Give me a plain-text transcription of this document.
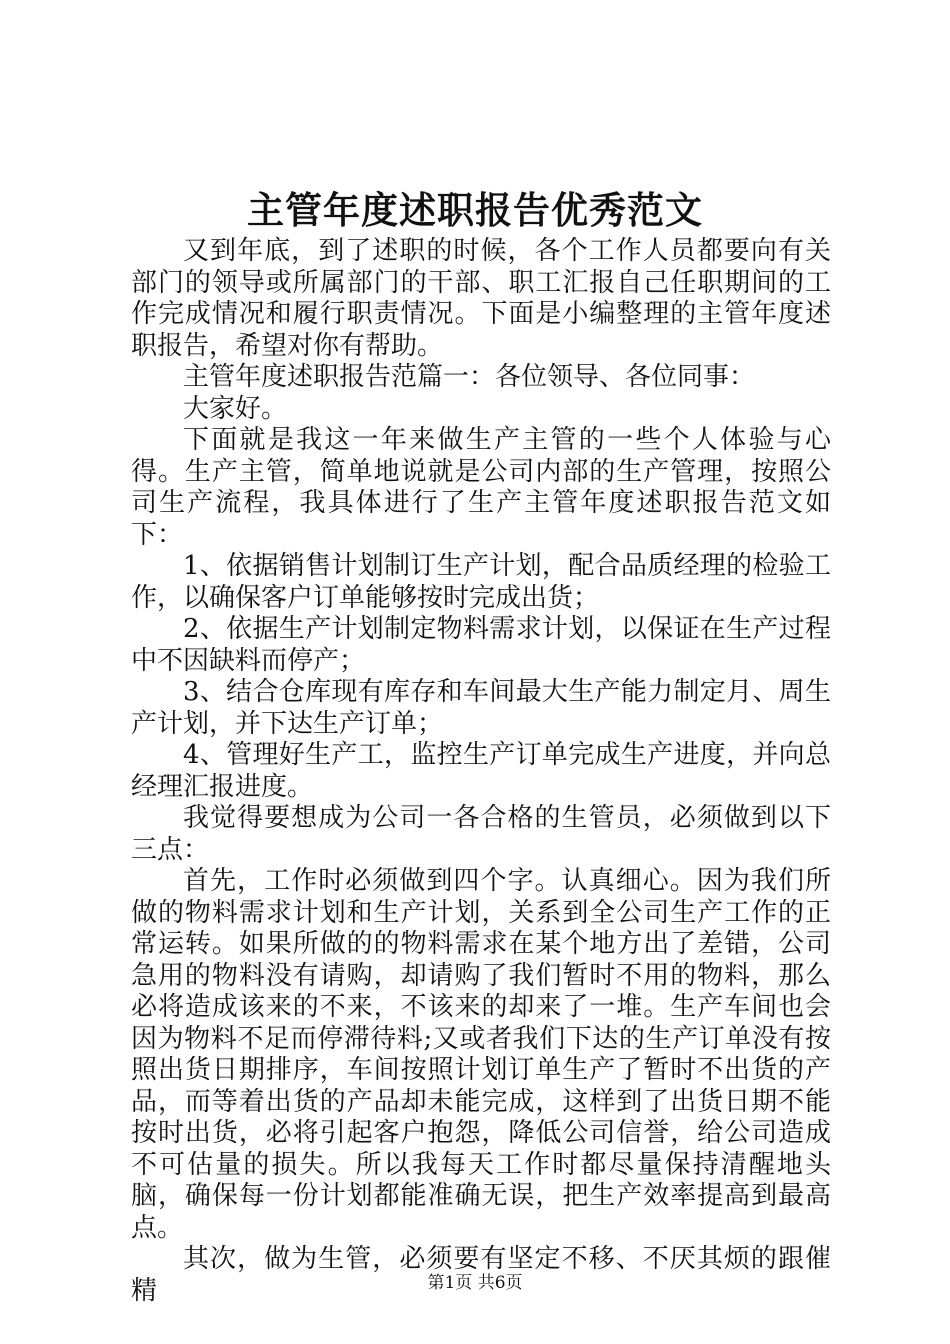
主管年度述职报告优秀范文

又到年底，到了述职的时候，各个工作人员都要向有关部门的领导或所属部门的干部、职工汇报自己任职期间的工作完成情况和履行职责情况。下面是小编整理的主管年度述职报告，希望对你有帮助。

主管年度述职报告范篇一：各位领导、各位同事：

大家好。

下面就是我这一年来做生产主管的一些个人体验与心得。生产主管，简单地说就是公司内部的生产管理，按照公司生产流程，我具体进行了生产主管年度述职报告范文如下：

1、依据销售计划制订生产计划，配合品质经理的检验工作，以确保客户订单能够按时完成出货；

2、依据生产计划制定物料需求计划，以保证在生产过程中不因缺料而停产；

3、结合仓库现有库存和车间最大生产能力制定月、周生产计划，并下达生产订单；

4、管理好生产工，监控生产订单完成生产进度，并向总经理汇报进度。

我觉得要想成为公司一各合格的生管员，必须做到以下三点：

首先，工作时必须做到四个字。认真细心。因为我们所做的物料需求计划和生产计划，关系到全公司生产工作的正常运转。如果所做的的物料需求在某个地方出了差错，公司急用的物料没有请购，却请购了我们暂时不用的物料，那么必将造成该来的不来，不该来的却来了一堆。生产车间也会因为物料不足而停滞待料;又或者我们下达的生产订单没有按照出货日期排序，车间按照计划订单生产了暂时不出货的产品，而等着出货的产品却未能完成，这样到了出货日期不能按时出货，必将引起客户抱怨，降低公司信誉，给公司造成不可估量的损失。所以我每天工作时都尽量保持清醒地头脑，确保每一份计划都能准确无误，把生产效率提高到最高点。

其次，做为生管，必须要有坚定不移、不厌其烦的跟催精	第1页 共6页
